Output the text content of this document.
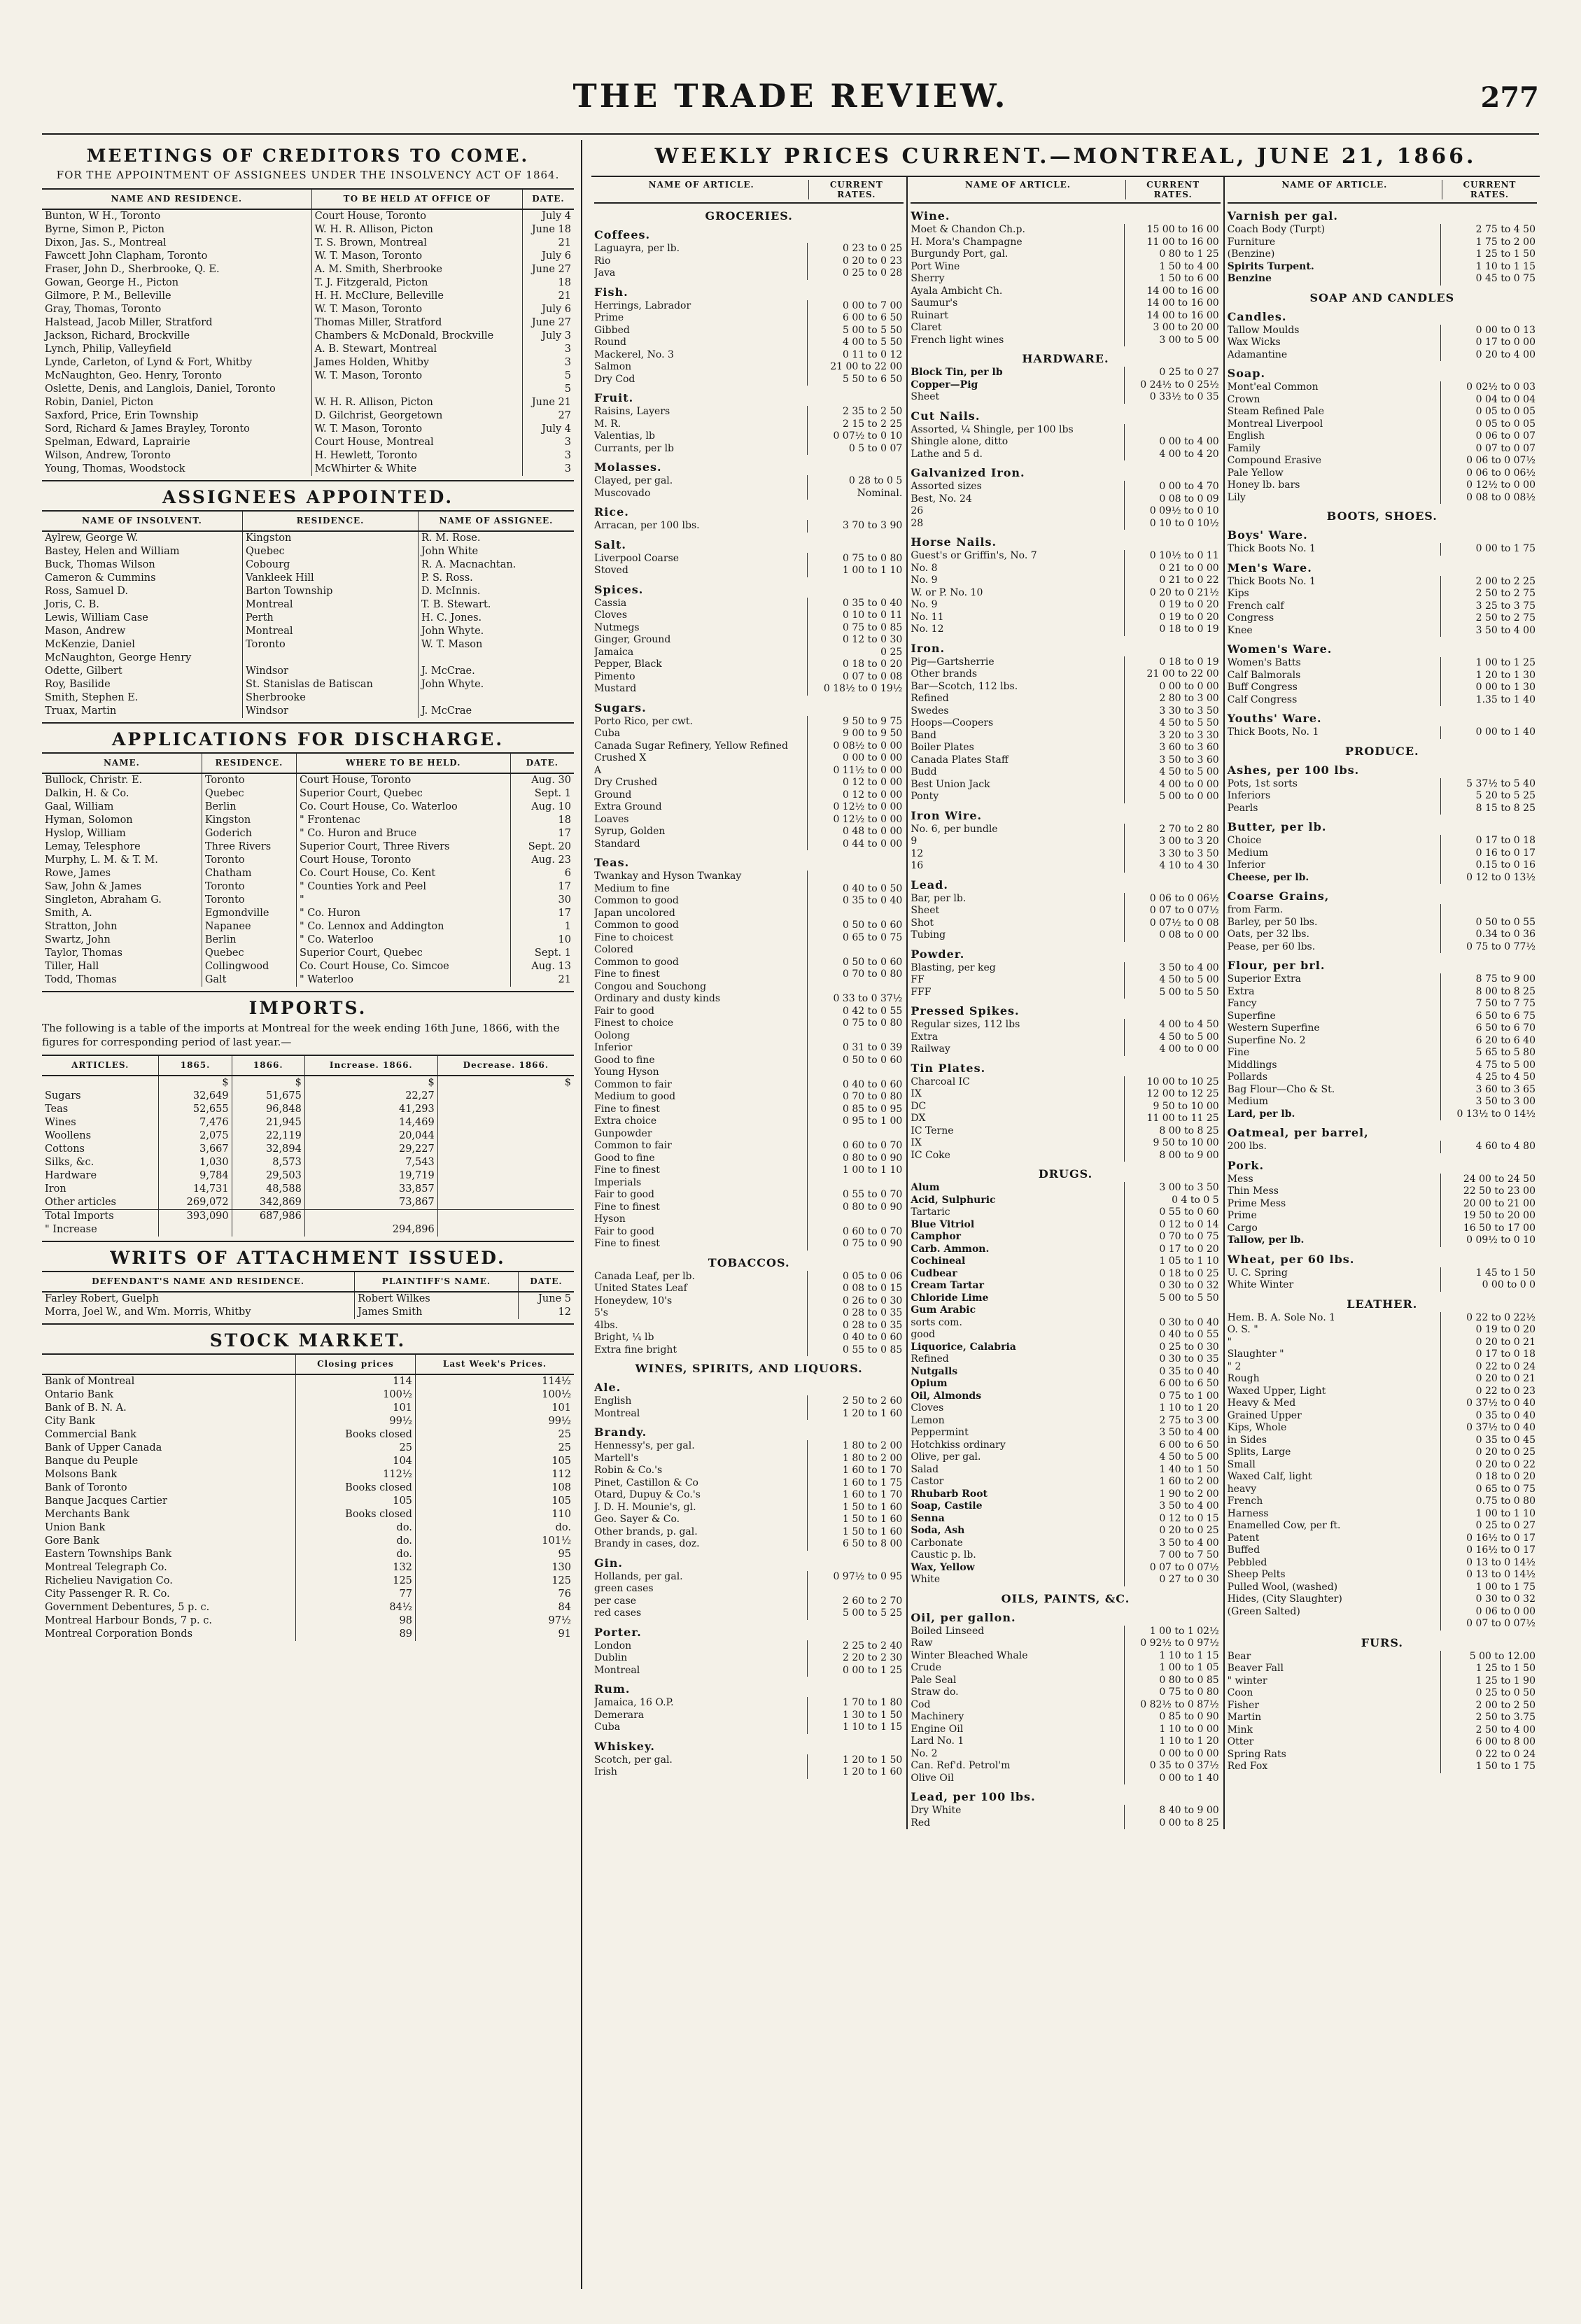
THE TRADE REVIEW.	277
MEETINGS OF CREDITORS TO COME.
FOR THE APPOINTMENT OF ASSIGNEES UNDER THE INSOLVENCY ACT OF 1864.
NAME AND RESIDENCE.	TO BE HELD AT OFFICE OF	DATE.
Bunton, W H., Toronto	Court House, Toronto	July 4
Byrne, Simon P., Picton	W. H. R. Allison, Picton	June 18
Dixon, Jas. S., Montreal	T. S. Brown, Montreal	21
Fawcett John Clapham, Toronto	W. T. Mason, Toronto	July 6
Fraser, John D., Sherbrooke, Q. E.	A. M. Smith, Sherbrooke	June 27
Gowan, George H., Picton	T. J. Fitzgerald, Picton	18
Gilmore, P. M., Belleville	H. H. McClure, Belleville	21
Gray, Thomas, Toronto	W. T. Mason, Toronto	July 6
Halstead, Jacob Miller, Stratford	Thomas Miller, Stratford	June 27
Jackson, Richard, Brockville	Chambers & McDonald, Brockville	July 3
Lynch, Philip, Valleyfield	A. B. Stewart, Montreal	3
Lynde, Carleton, of Lynd & Fort, Whitby	James Holden, Whitby	3
McNaughton, Geo. Henry, Toronto	W. T. Mason, Toronto	5
Oslette, Denis, and Langlois, Daniel, Toronto		5
Robin, Daniel, Picton	W. H. R. Allison, Picton	June 21
Saxford, Price, Erin Township	D. Gilchrist, Georgetown	27
Sord, Richard & James Brayley, Toronto	W. T. Mason, Toronto	July 4
Spelman, Edward, Laprairie	Court House, Montreal	3
Wilson, Andrew, Toronto	H. Hewlett, Toronto	3
Young, Thomas, Woodstock	McWhirter & White	3
ASSIGNEES APPOINTED.
NAME OF INSOLVENT.	RESIDENCE.	NAME OF ASSIGNEE.
Aylrew, George W.	Kingston	R. M. Rose.
Bastey, Helen and William	Quebec	John White
Buck, Thomas Wilson	Cobourg	R. A. Macnachtan.
Cameron & Cummins	Vankleek Hill	P. S. Ross.
Ross, Samuel D.	Barton Township	D. McInnis.
Joris, C. B.	Montreal	T. B. Stewart.
Lewis, William Case	Perth	H. C. Jones.
Mason, Andrew	Montreal	John Whyte.
McKenzie, Daniel	Toronto	W. T. Mason
McNaughton, George Henry		
Odette, Gilbert	Windsor	J. McCrae.
Roy, Basilide	St. Stanislas de Batiscan	John Whyte.
Smith, Stephen E.	Sherbrooke	
Truax, Martin	Windsor	J. McCrae
APPLICATIONS FOR DISCHARGE.
NAME.	RESIDENCE.	WHERE TO BE HELD.	DATE.
Bullock, Christr. E.	Toronto	Court House, Toronto	Aug. 30
Dalkin, H. & Co.	Quebec	Superior Court, Quebec	Sept. 1
Gaal, William	Berlin	Co. Court House, Co. Waterloo	Aug. 10
Hyman, Solomon	Kingston	" Frontenac	18
Hyslop, William	Goderich	" Co. Huron and Bruce	17
Lemay, Telesphore	Three Rivers	Superior Court, Three Rivers	Sept. 20
Murphy, L. M. & T. M.	Toronto	Court House, Toronto	Aug. 23
Rowe, James	Chatham	Co. Court House, Co. Kent	6
Saw, John & James	Toronto	" Counties York and Peel	17
Singleton, Abraham G.	Toronto	"	30
Smith, A.	Egmondville	" Co. Huron	17
Stratton, John	Napanee	" Co. Lennox and Addington	1
Swartz, John	Berlin	" Co. Waterloo	10
Taylor, Thomas	Quebec	Superior Court, Quebec	Sept. 1
Tiller, Hall	Collingwood	Co. Court House, Co. Simcoe	Aug. 13
Todd, Thomas	Galt	" Waterloo	21
IMPORTS.
The following is a table of the imports at Montreal for the week ending 16th June, 1866, with the figures for corresponding period of last year.—
ARTICLES.	1865.	1866.	Increase. 1866.	Decrease. 1866.
	$	$	$	$
Sugars	32,649	51,675	22,27	
Teas	52,655	96,848	41,293	
Wines	7,476	21,945	14,469	
Woollens	2,075	22,119	20,044	
Cottons	3,667	32,894	29,227	
Silks, &c.	1,030	8,573	7,543	
Hardware	9,784	29,503	19,719	
Iron	14,731	48,588	33,857	
Other articles	269,072	342,869	73,867	
Total Imports	393,090	687,986		
" Increase			294,896	
WRITS OF ATTACHMENT ISSUED.
DEFENDANT'S NAME AND RESIDENCE.	PLAINTIFF'S NAME.	DATE.
Farley Robert, Guelph	Robert Wilkes	June 5
Morra, Joel W., and Wm. Morris, Whitby	James Smith	12
STOCK MARKET.
	Closing prices	Last Week's Prices.
Bank of Montreal	114	114½
Ontario Bank	100½	100½
Bank of B. N. A.	101	101
City Bank	99½	99½
Commercial Bank	Books closed	25
Bank of Upper Canada	25	25
Banque du Peuple	104	105
Molsons Bank	112½	112
Bank of Toronto	Books closed	108
Banque Jacques Cartier	105	105
Merchants Bank	Books closed	110
Union Bank	do.	do.
Gore Bank	do.	101½
Eastern Townships Bank	do.	95
Montreal Telegraph Co.	132	130
Richelieu Navigation Co.	125	125
City Passenger R. R. Co.	77	76
Government Debentures, 5 p. c.	84½	84
Montreal Harbour Bonds, 7 p. c.	98	97½
Montreal Corporation Bonds	89	91
WEEKLY PRICES CURRENT.—MONTREAL, JUNE 21, 1866.
NAME OF ARTICLE.	CURRENT RATES.
GROCERIES.
Coffees.
Laguayra, per lb.	0 23 to 0 25
Rio	0 20 to 0 23
Java	0 25 to 0 28
Fish.
Herrings, Labrador	0 00 to 7 00
Prime	6 00 to 6 50
Gibbed	5 00 to 5 50
Round	4 00 to 5 50
Mackerel, No. 3	0 11 to 0 12
Salmon	21 00 to 22 00
Dry Cod	5 50 to 6 50
Fruit.
Raisins, Layers	2 35 to 2 50
M. R.	2 15 to 2 25
Valentias, lb	0 07½ to 0 10
Currants, per lb	0 5 to 0 07
Molasses.
Clayed, per gal.	0 28 to 0 5
Muscovado	Nominal.
Rice.
Arracan, per 100 lbs.	3 70 to 3 90
Salt.
Liverpool Coarse	0 75 to 0 80
Stoved	1 00 to 1 10
Spices.
Cassia	0 35 to 0 40
Cloves	0 10 to 0 11
Nutmegs	0 75 to 0 85
Ginger, Ground	0 12 to 0 30
Jamaica	0 25
Pepper, Black	0 18 to 0 20
Pimento	0 07 to 0 08
Mustard	0 18½ to 0 19½
Sugars.
Porto Rico, per cwt.	9 50 to 9 75
Cuba	9 00 to 9 50
Canada Sugar Refinery, Yellow Refined	0 08½ to 0 00
Crushed X	0 00 to 0 00
A	0 11½ to 0 00
Dry Crushed	0 12 to 0 00
Ground	0 12 to 0 00
Extra Ground	0 12½ to 0 00
Loaves	0 12½ to 0 00
Syrup, Golden	0 48 to 0 00
Standard	0 44 to 0 00
Teas.
Twankay and Hyson Twankay
Medium to fine	0 40 to 0 50
Common to good	0 35 to 0 40
Japan uncolored
Common to good	0 50 to 0 60
Fine to choicest	0 65 to 0 75
Colored
Common to good	0 50 to 0 60
Fine to finest	0 70 to 0 80
Congou and Souchong
Ordinary and dusty kinds	0 33 to 0 37½
Fair to good	0 42 to 0 55
Finest to choice	0 75 to 0 80
Oolong
Inferior	0 31 to 0 39
Good to fine	0 50 to 0 60
Young Hyson
Common to fair	0 40 to 0 60
Medium to good	0 70 to 0 80
Fine to finest	0 85 to 0 95
Extra choice	0 95 to 1 00
Gunpowder
Common to fair	0 60 to 0 70
Good to fine	0 80 to 0 90
Fine to finest	1 00 to 1 10
Imperials
Fair to good	0 55 to 0 70
Fine to finest	0 80 to 0 90
Hyson
Fair to good	0 60 to 0 70
Fine to finest	0 75 to 0 90
TOBACCOS.
Canada Leaf, per lb.	0 05 to 0 06
United States Leaf	0 08 to 0 15
Honeydew, 10's	0 26 to 0 30
5's	0 28 to 0 35
4lbs.	0 28 to 0 35
Bright, ¼ lb	0 40 to 0 60
Extra fine bright	0 55 to 0 85
WINES, SPIRITS, AND LIQUORS.
Ale.
English	2 50 to 2 60
Montreal	1 20 to 1 60
Brandy.
Hennessy's, per gal.	1 80 to 2 00
Martell's	1 80 to 2 00
Robin & Co.'s	1 60 to 1 70
Pinet, Castillon & Co	1 60 to 1 75
Otard, Dupuy & Co.'s	1 60 to 1 70
J. D. H. Mounie's, gl.	1 50 to 1 60
Geo. Sayer & Co.	1 50 to 1 60
Other brands, p. gal.	1 50 to 1 60
Brandy in cases, doz.	6 50 to 8 00
Gin.
Hollands, per gal.	0 97½ to 0 95
green cases
per case	2 60 to 2 70
red cases	5 00 to 5 25
Porter.
London	2 25 to 2 40
Dublin	2 20 to 2 30
Montreal	0 00 to 1 25
Rum.
Jamaica, 16 O.P.	1 70 to 1 80
Demerara	1 30 to 1 50
Cuba	1 10 to 1 15
Whiskey.
Scotch, per gal.	1 20 to 1 50
Irish	1 20 to 1 60
NAME OF ARTICLE.	CURRENT RATES.
Wine.
Moet & Chandon Ch.p.	15 00 to 16 00
H. Mora's Champagne	11 00 to 16 00
Burgundy Port, gal.	0 80 to 1 25
Port Wine	1 50 to 4 00
Sherry	1 50 to 6 00
Ayala Ambicht Ch.	14 00 to 16 00
Saumur's	14 00 to 16 00
Ruinart	14 00 to 16 00
Claret	3 00 to 20 00
French light wines	3 00 to 5 00
HARDWARE.
Block Tin, per lb	0 25 to 0 27
Copper—Pig	0 24½ to 0 25½
Sheet	0 33½ to 0 35
Cut Nails.
Assorted, ¼ Shingle, per 100 lbs
Shingle alone, ditto	0 00 to 4 00
Lathe and 5 d.	4 00 to 4 20
Galvanized Iron.
Assorted sizes	0 00 to 4 70
Best, No. 24	0 08 to 0 09
26	0 09½ to 0 10
28	0 10 to 0 10½
Horse Nails.
Guest's or Griffin's, No. 7	0 10½ to 0 11
No. 8	0 21 to 0 00
No. 9	0 21 to 0 22
W. or P. No. 10	0 20 to 0 21½
No. 9	0 19 to 0 20
No. 11	0 19 to 0 20
No. 12	0 18 to 0 19
Iron.
Pig—Gartsherrie	0 18 to 0 19
Other brands	21 00 to 22 00
Bar—Scotch, 112 lbs.	0 00 to 0 00
Refined	2 80 to 3 00
Swedes	3 30 to 3 50
Hoops—Coopers	4 50 to 5 50
Band	3 20 to 3 30
Boiler Plates	3 60 to 3 60
Canada Plates Staff	3 50 to 3 60
Budd	4 50 to 5 00
Best Union Jack	4 00 to 0 00
Ponty	5 00 to 0 00
Iron Wire.
No. 6, per bundle	2 70 to 2 80
9	3 00 to 3 20
12	3 30 to 3 50
16	4 10 to 4 30
Lead.
Bar, per lb.	0 06 to 0 06½
Sheet	0 07 to 0 07½
Shot	0 07½ to 0 08
Tubing	0 08 to 0 00
Powder.
Blasting, per keg	3 50 to 4 00
FF	4 50 to 5 00
FFF	5 00 to 5 50
Pressed Spikes.
Regular sizes, 112 lbs	4 00 to 4 50
Extra	4 50 to 5 00
Railway	4 00 to 0 00
Tin Plates.
Charcoal IC	10 00 to 10 25
IX	12 00 to 12 25
DC	9 50 to 10 00
DX	11 00 to 11 25
IC Terne	8 00 to 8 25
IX	9 50 to 10 00
IC Coke	8 00 to 9 00
DRUGS.
Alum	3 00 to 3 50
Acid, Sulphuric	0 4 to 0 5
Tartaric	0 55 to 0 60
Blue Vitriol	0 12 to 0 14
Camphor	0 70 to 0 75
Carb. Ammon.	0 17 to 0 20
Cochineal	1 05 to 1 10
Cudbear	0 18 to 0 25
Cream Tartar	0 30 to 0 32
Chloride Lime	5 00 to 5 50
Gum Arabic
sorts com.	0 30 to 0 40
good	0 40 to 0 55
Liquorice, Calabria	0 25 to 0 30
Refined	0 30 to 0 35
Nutgalls	0 35 to 0 40
Opium	6 00 to 6 50
Oil, Almonds	0 75 to 1 00
Cloves	1 10 to 1 20
Lemon	2 75 to 3 00
Peppermint	3 50 to 4 00
Hotchkiss ordinary	6 00 to 6 50
Olive, per gal.	4 50 to 5 00
Salad	1 40 to 1 50
Castor	1 60 to 2 00
Rhubarb Root	1 90 to 2 00
Soap, Castile	3 50 to 4 00
Senna	0 12 to 0 15
Soda, Ash	0 20 to 0 25
Carbonate	3 50 to 4 00
Caustic p. lb.	7 00 to 7 50
Wax, Yellow	0 07 to 0 07½
White	0 27 to 0 30
OILS, PAINTS, &C.
Oil, per gallon.
Boiled Linseed	1 00 to 1 02½
Raw	0 92½ to 0 97½
Winter Bleached Whale	1 10 to 1 15
Crude	1 00 to 1 05
Pale Seal	0 80 to 0 85
Straw do.	0 75 to 0 80
Cod	0 82½ to 0 87½
Machinery	0 85 to 0 90
Engine Oil	1 10 to 0 00
Lard No. 1	1 10 to 1 20
No. 2	0 00 to 0 00
Can. Ref'd. Petrol'm	0 35 to 0 37½
Olive Oil	0 00 to 1 40
Lead, per 100 lbs.
Dry White	8 40 to 9 00
Red	0 00 to 8 25
NAME OF ARTICLE.	CURRENT RATES.
Varnish per gal.
Coach Body (Turpt)	2 75 to 4 50
Furniture	1 75 to 2 00
(Benzine)	1 25 to 1 50
Spirits Turpent.	1 10 to 1 15
Benzine	0 45 to 0 75
SOAP AND CANDLES
Candles.
Tallow Moulds	0 00 to 0 13
Wax Wicks	0 17 to 0 00
Adamantine	0 20 to 4 00
Soap.
Mont'eal Common	0 02½ to 0 03
Crown	0 04 to 0 04
Steam Refined Pale	0 05 to 0 05
Montreal Liverpool	0 05 to 0 05
English	0 06 to 0 07
Family	0 07 to 0 07
Compound Erasive	0 06 to 0 07½
Pale Yellow	0 06 to 0 06½
Honey lb. bars	0 12½ to 0 00
Lily	0 08 to 0 08½
BOOTS, SHOES.
Boys' Ware.
Thick Boots No. 1	0 00 to 1 75
Men's Ware.
Thick Boots No. 1	2 00 to 2 25
Kips	2 50 to 2 75
French calf	3 25 to 3 75
Congress	2 50 to 2 75
Knee	3 50 to 4 00
Women's Ware.
Women's Batts	1 00 to 1 25
Calf Balmorals	1 20 to 1 30
Buff Congress	0 00 to 1 30
Calf Congress	1.35 to 1 40
Youths' Ware.
Thick Boots, No. 1	0 00 to 1 40
PRODUCE.
Ashes, per 100 lbs.
Pots, 1st sorts	5 37½ to 5 40
Inferiors	5 20 to 5 25
Pearls	8 15 to 8 25
Butter, per lb.
Choice	0 17 to 0 18
Medium	0 16 to 0 17
Inferior	0.15 to 0 16
Cheese, per lb.	0 12 to 0 13½
Coarse Grains,
from Farm.
Barley, per 50 lbs.	0 50 to 0 55
Oats, per 32 lbs.	0.34 to 0 36
Pease, per 60 lbs.	0 75 to 0 77½
Flour, per brl.
Superior Extra	8 75 to 9 00
Extra	8 00 to 8 25
Fancy	7 50 to 7 75
Superfine	6 50 to 6 75
Western Superfine	6 50 to 6 70
Superfine No. 2	6 20 to 6 40
Fine	5 65 to 5 80
Middlings	4 75 to 5 00
Pollards	4 25 to 4 50
Bag Flour—Cho & St.	3 60 to 3 65
Medium	3 50 to 3 00
Lard, per lb.	0 13½ to 0 14½
Oatmeal, per barrel,
200 lbs.	4 60 to 4 80
Pork.
Mess	24 00 to 24 50
Thin Mess	22 50 to 23 00
Prime Mess	20 00 to 21 00
Prime	19 50 to 20 00
Cargo	16 50 to 17 00
Tallow, per lb.	0 09½ to 0 10
Wheat, per 60 lbs.
U. C. Spring	1 45 to 1 50
White Winter	0 00 to 0 0
LEATHER.
Hem. B. A. Sole No. 1	0 22 to 0 22½
O. S. "	0 19 to 0 20
"	0 20 to 0 21
Slaughter "	0 17 to 0 18
" 2	0 22 to 0 24
Rough	0 20 to 0 21
Waxed Upper, Light	0 22 to 0 23
Heavy & Med	0 37½ to 0 40
Grained Upper	0 35 to 0 40
Kips, Whole	0 37½ to 0 40
in Sides	0 35 to 0 45
Splits, Large	0 20 to 0 25
Small	0 20 to 0 22
Waxed Calf, light	0 18 to 0 20
heavy	0 65 to 0 75
French	0.75 to 0 80
Harness	1 00 to 1 10
Enamelled Cow, per ft.	0 25 to 0 27
Patent	0 16½ to 0 17
Buffed	0 16½ to 0 17
Pebbled	0 13 to 0 14½
Sheep Pelts	0 13 to 0 14½
Pulled Wool, (washed)	1 00 to 1 75
Hides, (City Slaughter)	0 30 to 0 32
(Green Salted)	0 06 to 0 00
0 07 to 0 07½
FURS.
Bear	5 00 to 12.00
Beaver Fall	1 25 to 1 50
" winter	1 25 to 1 90
Coon	0 25 to 0 50
Fisher	2 00 to 2 50
Martin	2 50 to 3.75
Mink	2 50 to 4 00
Otter	6 00 to 8 00
Spring Rats	0 22 to 0 24
Red Fox	1 50 to 1 75
